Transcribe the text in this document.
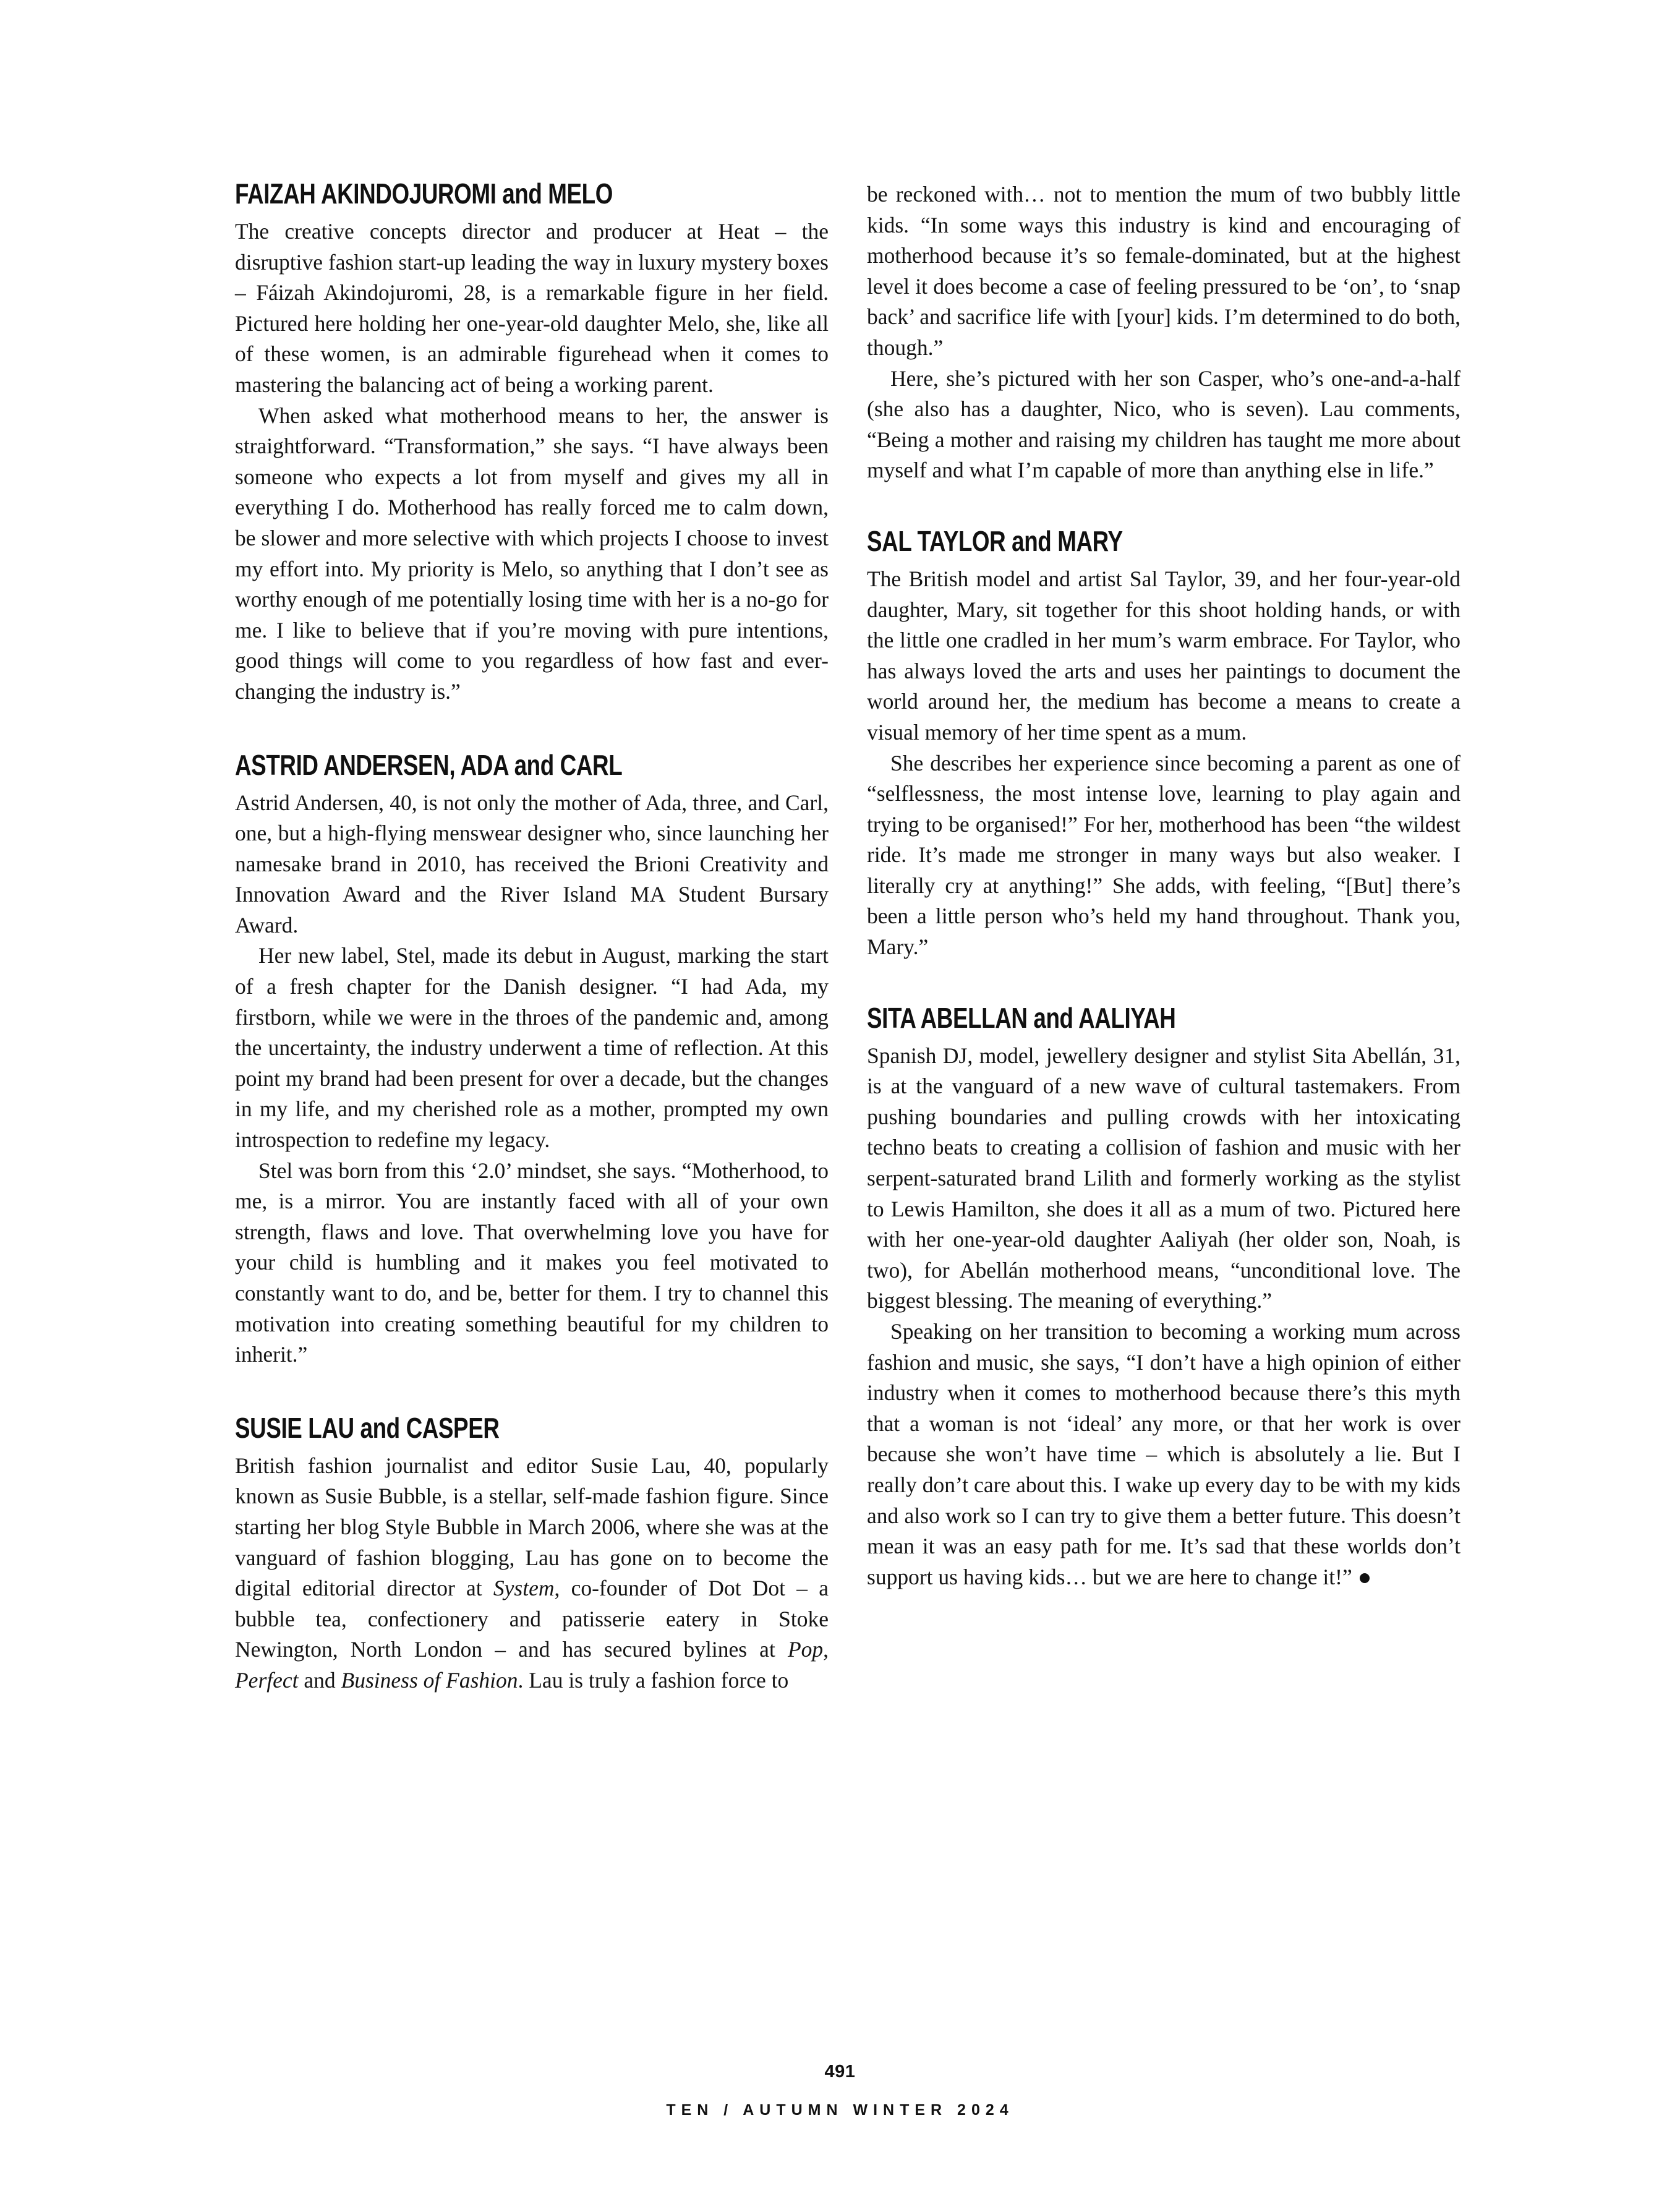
FAIZAH AKINDOJUROMI and MELO

The creative concepts director and producer at Heat – the disruptive fashion start-up leading the way in luxury mystery boxes – Fáizah Akindojuromi, 28, is a remarkable figure in her field. Pictured here holding her one-year-old daughter Melo, she, like all of these women, is an admirable figurehead when it comes to mastering the balancing act of being a working parent.

When asked what motherhood means to her, the answer is straightforward. “Transformation,” she says. “I have always been someone who expects a lot from myself and gives my all in everything I do. Motherhood has really forced me to calm down, be slower and more selective with which projects I choose to invest my effort into. My priority is Melo, so anything that I don’t see as worthy enough of me potentially losing time with her is a no-go for me. I like to believe that if you’re moving with pure intentions, good things will come to you regardless of how fast and ever-changing the industry is.”

ASTRID ANDERSEN, ADA and CARL

Astrid Andersen, 40, is not only the mother of Ada, three, and Carl, one, but a high-flying menswear designer who, since launching her namesake brand in 2010, has received the Brioni Creativity and Innovation Award and the River Island MA Student Bursary Award.

Her new label, Stel, made its debut in August, marking the start of a fresh chapter for the Danish designer. “I had Ada, my firstborn, while we were in the throes of the pandemic and, among the uncertainty, the industry underwent a time of reflection. At this point my brand had been present for over a decade, but the changes in my life, and my cherished role as a mother, prompted my own introspection to redefine my legacy.

Stel was born from this ‘2.0’ mindset, she says. “Motherhood, to me, is a mirror. You are instantly faced with all of your own strength, flaws and love. That overwhelming love you have for your child is humbling and it makes you feel motivated to constantly want to do, and be, better for them. I try to channel this motivation into creating something beautiful for my children to inherit.”

SUSIE LAU and CASPER

British fashion journalist and editor Susie Lau, 40, popularly known as Susie Bubble, is a stellar, self-made fashion figure. Since starting her blog Style Bubble in March 2006, where she was at the vanguard of fashion blogging, Lau has gone on to become the digital editorial director at System, co-founder of Dot Dot – a bubble tea, confectionery and patisserie eatery in Stoke Newington, North London – and has secured bylines at Pop, Perfect and Business of Fashion. Lau is truly a fashion force to

be reckoned with… not to mention the mum of two bubbly little kids. “In some ways this industry is kind and encouraging of motherhood because it’s so female-dominated, but at the highest level it does become a case of feeling pressured to be ‘on’, to ‘snap back’ and sacrifice life with [your] kids. I’m determined to do both, though.”

Here, she’s pictured with her son Casper, who’s one-and-a-half (she also has a daughter, Nico, who is seven). Lau comments, “Being a mother and raising my children has taught me more about myself and what I’m capable of more than anything else in life.”

SAL TAYLOR and MARY

The British model and artist Sal Taylor, 39, and her four-year-old daughter, Mary, sit together for this shoot holding hands, or with the little one cradled in her mum’s warm embrace. For Taylor, who has always loved the arts and uses her paintings to document the world around her, the medium has become a means to create a visual memory of her time spent as a mum.

She describes her experience since becoming a parent as one of “selflessness, the most intense love, learning to play again and trying to be organised!” For her, motherhood has been “the wildest ride. It’s made me stronger in many ways but also weaker. I literally cry at anything!” She adds, with feeling, “[But] there’s been a little person who’s held my hand throughout. Thank you, Mary.”

SITA ABELLAN and AALIYAH

Spanish DJ, model, jewellery designer and stylist Sita Abellán, 31, is at the vanguard of a new wave of cultural tastemakers. From pushing boundaries and pulling crowds with her intoxicating techno beats to creating a collision of fashion and music with her serpent-saturated brand Lilith and formerly working as the stylist to Lewis Hamilton, she does it all as a mum of two. Pictured here with her one-year-old daughter Aaliyah (her older son, Noah, is two), for Abellán motherhood means, “unconditional love. The biggest blessing. The meaning of everything.”

Speaking on her transition to becoming a working mum across fashion and music, she says, “I don’t have a high opinion of either industry when it comes to motherhood because there’s this myth that a woman is not ‘ideal’ any more, or that her work is over because she won’t have time – which is absolutely a lie. But I really don’t care about this. I wake up every day to be with my kids and also work so I can try to give them a better future. This doesn’t mean it was an easy path for me. It’s sad that these worlds don’t support us having kids… but we are here to change it!”

491
TEN / AUTUMN WINTER 2024
